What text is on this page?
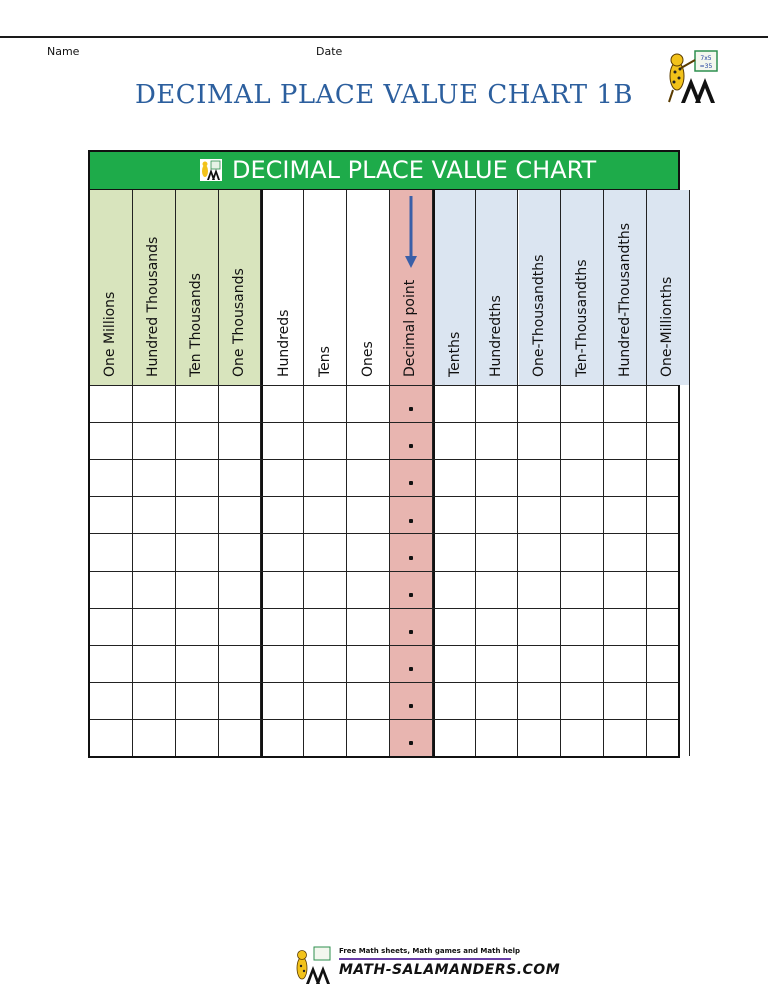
Name	Date
DECIMAL PLACE VALUE CHART 1B
7x5
=35
DECIMAL PLACE VALUE CHART
One Millions Hundred Thousands Ten Thousands One Thousands Hundreds Tens Ones Decimal point Tenths Hundredths One-Thousandths Ten-Thousandths Hundred-Thousandths One-Millionths
Free Math sheets, Math games and Math help
MATH-SALAMANDERS.COM
